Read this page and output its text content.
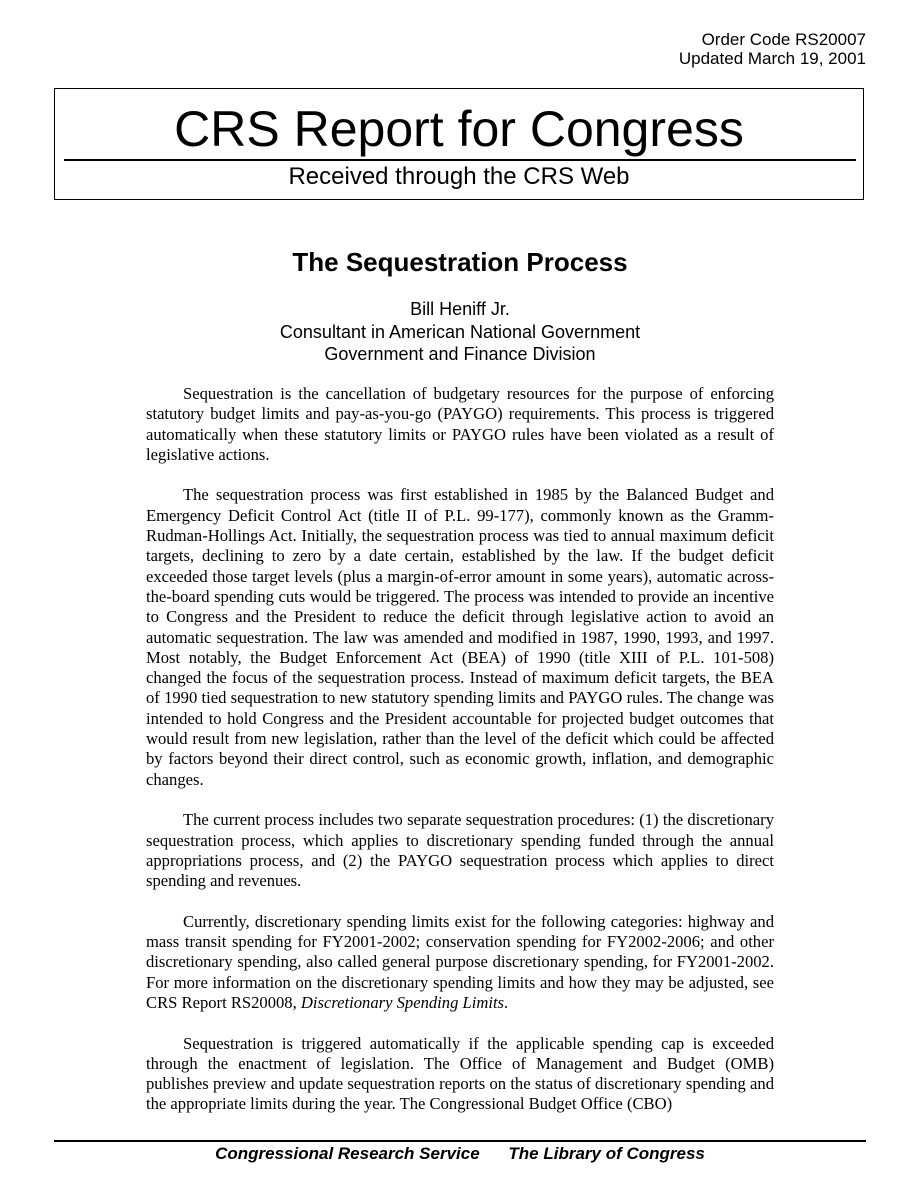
Order Code RS20007
Updated March 19, 2001
CRS Report for Congress
Received through the CRS Web
The Sequestration Process
Bill Heniff Jr.
Consultant in American National Government
Government and Finance Division

Sequestration is the cancellation of budgetary resources for the purpose of enforcing statutory budget limits and pay-as-you-go (PAYGO) requirements. This process is triggered automatically when these statutory limits or PAYGO rules have been violated as a result of legislative actions.

The sequestration process was first established in 1985 by the Balanced Budget and Emergency Deficit Control Act (title II of P.L. 99-177), commonly known as the Gramm-Rudman-Hollings Act. Initially, the sequestration process was tied to annual maximum deficit targets, declining to zero by a date certain, established by the law. If the budget deficit exceeded those target levels (plus a margin-of-error amount in some years), automatic across-the-board spending cuts would be triggered. The process was intended to provide an incentive to Congress and the President to reduce the deficit through legislative action to avoid an automatic sequestration. The law was amended and modified in 1987, 1990, 1993, and 1997. Most notably, the Budget Enforcement Act (BEA) of 1990 (title XIII of P.L. 101-508) changed the focus of the sequestration process. Instead of maximum deficit targets, the BEA of 1990 tied sequestration to new statutory spending limits and PAYGO rules. The change was intended to hold Congress and the President accountable for projected budget outcomes that would result from new legislation, rather than the level of the deficit which could be affected by factors beyond their direct control, such as economic growth, inflation, and demographic changes.

The current process includes two separate sequestration procedures: (1) the discretionary sequestration process, which applies to discretionary spending funded through the annual appropriations process, and (2) the PAYGO sequestration process which applies to direct spending and revenues.

Currently, discretionary spending limits exist for the following categories: highway and mass transit spending for FY2001-2002; conservation spending for FY2002-2006; and other discretionary spending, also called general purpose discretionary spending, for FY2001-2002. For more information on the discretionary spending limits and how they may be adjusted, see CRS Report RS20008, Discretionary Spending Limits.

Sequestration is triggered automatically if the applicable spending cap is exceeded through the enactment of legislation. The Office of Management and Budget (OMB) publishes preview and update sequestration reports on the status of discretionary spending and the appropriate limits during the year. The Congressional Budget Office (CBO)

Congressional Research Service The Library of Congress
